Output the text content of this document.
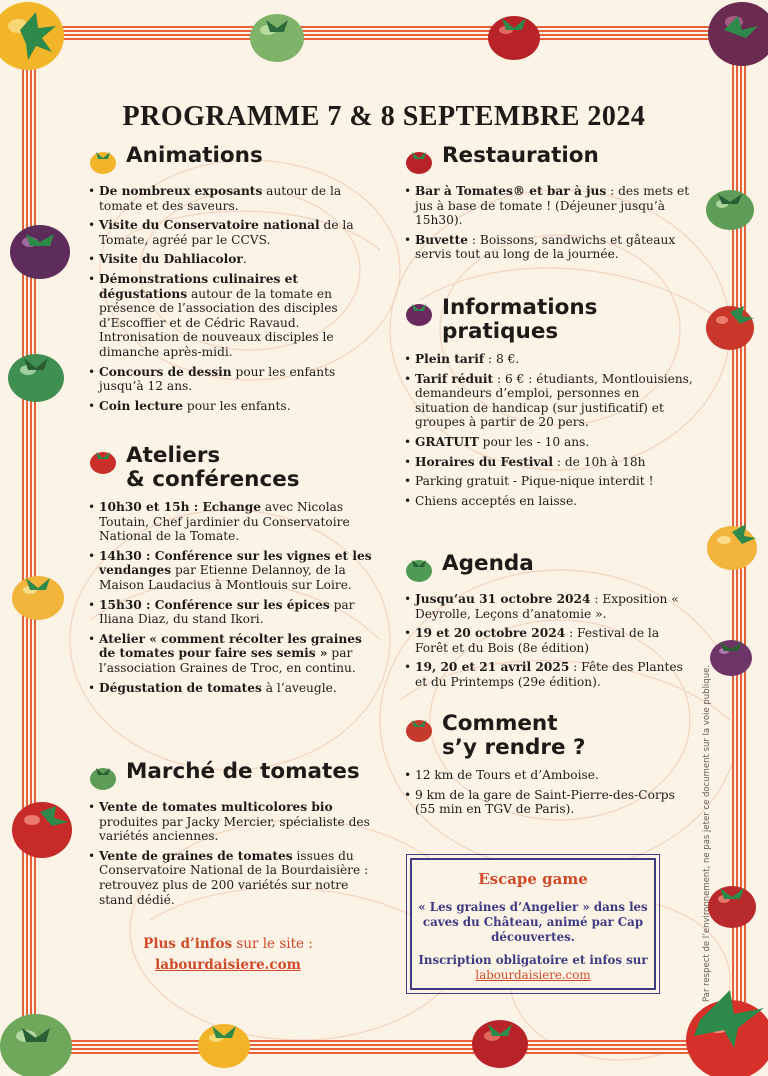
PROGRAMME 7 & 8 SEPTEMBRE 2024
Animations
• De nombreux exposants autour de la tomate et des saveurs.
• Visite du Conservatoire national de la Tomate, agréé par le CCVS.
• Visite du Dahliacolor.
• Démonstrations culinaires et dégustations autour de la tomate en présence de l’association des disciples d’Escoffier et de Cédric Ravaud. Intronisation de nouveaux disciples le dimanche après-midi.
• Concours de dessin pour les enfants jusqu’à 12 ans.
• Coin lecture pour les enfants.
Ateliers
& conférences
• 10h30 et 15h : Echange avec Nicolas Toutain, Chef jardinier du Conservatoire National de la Tomate.
• 14h30 : Conférence sur les vignes et les vendanges par Etienne Delannoy, de la Maison Laudacius à Montlouis sur Loire.
• 15h30 : Conférence sur les épices par Iliana Diaz, du stand Ikori.
• Atelier « comment récolter les graines de tomates pour faire ses semis » par l’association Graines de Troc, en continu.
• Dégustation de tomates à l’aveugle.
Marché de tomates
• Vente de tomates multicolores bio produites par Jacky Mercier, spécialiste des variétés anciennes.
• Vente de graines de tomates issues du Conservatoire National de la Bourdaisière : retrouvez plus de 200 variétés sur notre stand dédié.
Plus d’infos sur le site :
labourdaisiere.com
Restauration
• Bar à Tomates® et bar à jus : des mets et jus à base de tomate ! (Déjeuner jusqu’à 15h30).
• Buvette : Boissons, sandwichs et gâteaux servis tout au long de la journée.
Informations
pratiques
• Plein tarif : 8 €.
• Tarif réduit : 6 € : étudiants, Montlouisiens, demandeurs d’emploi, personnes en situation de handicap (sur justificatif) et groupes à partir de 20 pers.
• GRATUIT pour les - 10 ans.
• Horaires du Festival : de 10h à 18h
• Parking gratuit - Pique-nique interdit !
• Chiens acceptés en laisse.
Agenda
• Jusqu’au 31 octobre 2024 : Exposition « Deyrolle, Leçons d’anatomie ».
• 19 et 20 octobre 2024 : Festival de la Forêt et du Bois (8e édition)
• 19, 20 et 21 avril 2025 : Fête des Plantes et du Printemps (29e édition).
Comment
s’y rendre ?
• 12 km de Tours et d’Amboise.
• 9 km de la gare de Saint-Pierre-des-Corps (55 min en TGV de Paris).
Escape game
« Les graines d’Angelier » dans les caves du Château, animé par Cap découvertes.
Inscription obligatoire et infos sur labourdaisiere.com	Par respect de l’environnement, ne pas jeter ce document sur la voie publique.
